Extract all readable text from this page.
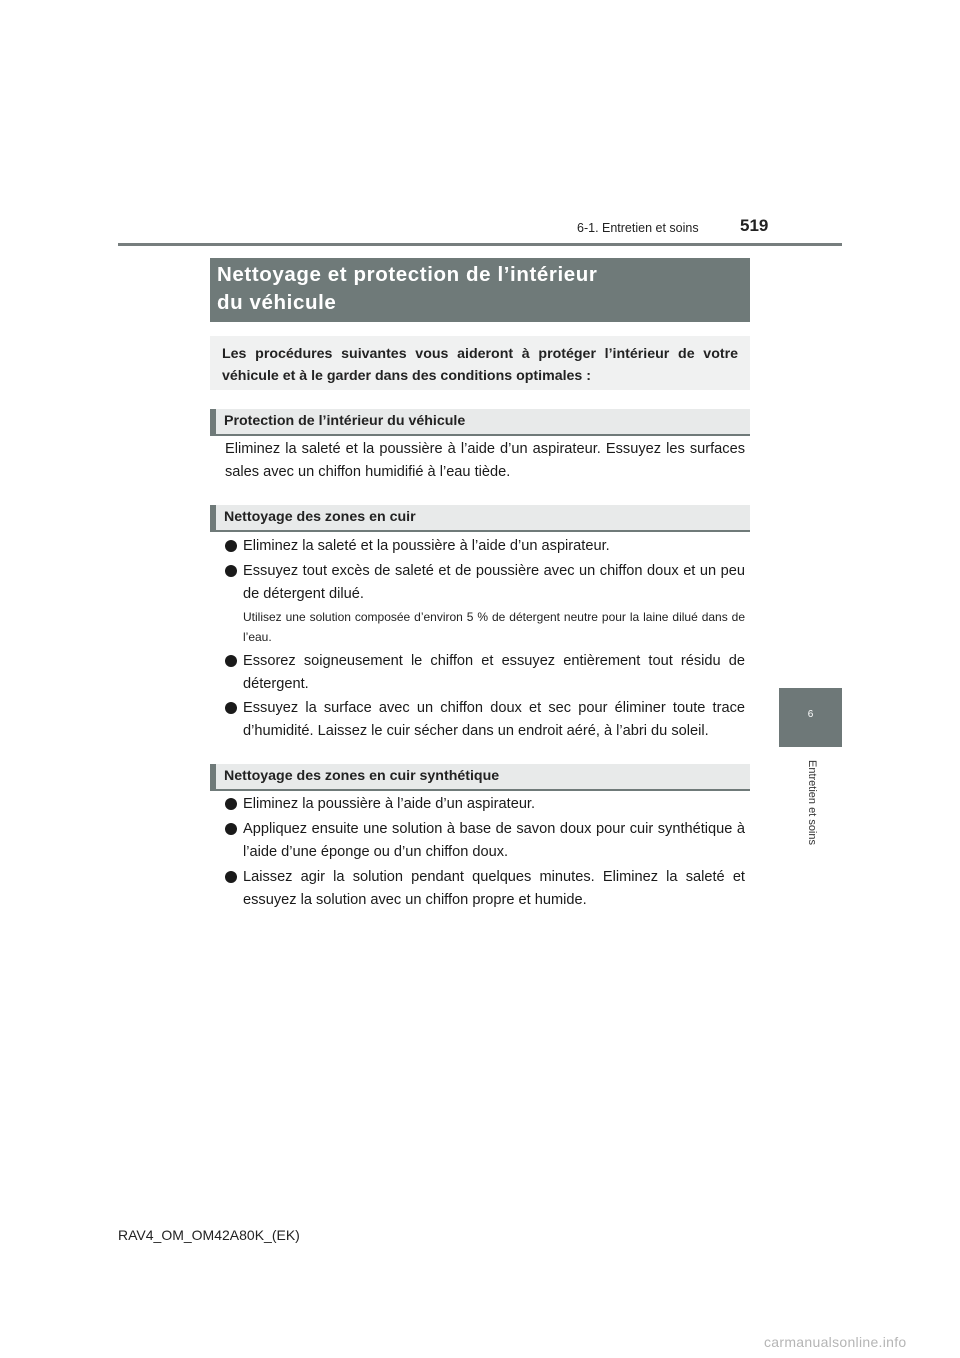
6-1. Entretien et soins 519
6
Entretien et soins
Nettoyage et protection de l’intérieur
du véhicule
Les procédures suivantes vous aideront à protéger l’intérieur de votre véhicule et à le garder dans des conditions optimales :
Protection de l’intérieur du véhicule
Eliminez la saleté et la poussière à l’aide d’un aspirateur. Essuyez les surfaces sales avec un chiffon humidifié à l’eau tiède.
Nettoyage des zones en cuir
Eliminez la saleté et la poussière à l’aide d’un aspirateur.
Essuyez tout excès de saleté et de poussière avec un chiffon doux et un peu de détergent dilué.
Utilisez une solution composée d’environ 5 % de détergent neutre pour la laine dilué dans de l’eau.
Essorez soigneusement le chiffon et essuyez entièrement tout résidu de détergent.
Essuyez la surface avec un chiffon doux et sec pour éliminer toute trace d’humidité. Laissez le cuir sécher dans un endroit aéré, à l’abri du soleil.
Nettoyage des zones en cuir synthétique
Eliminez la poussière à l’aide d’un aspirateur.
Appliquez ensuite une solution à base de savon doux pour cuir synthétique à l’aide d’une éponge ou d’un chiffon doux.
Laissez agir la solution pendant quelques minutes. Eliminez la saleté et essuyez la solution avec un chiffon propre et humide.
RAV4_OM_OM42A80K_(EK)
carmanualsonline.info
